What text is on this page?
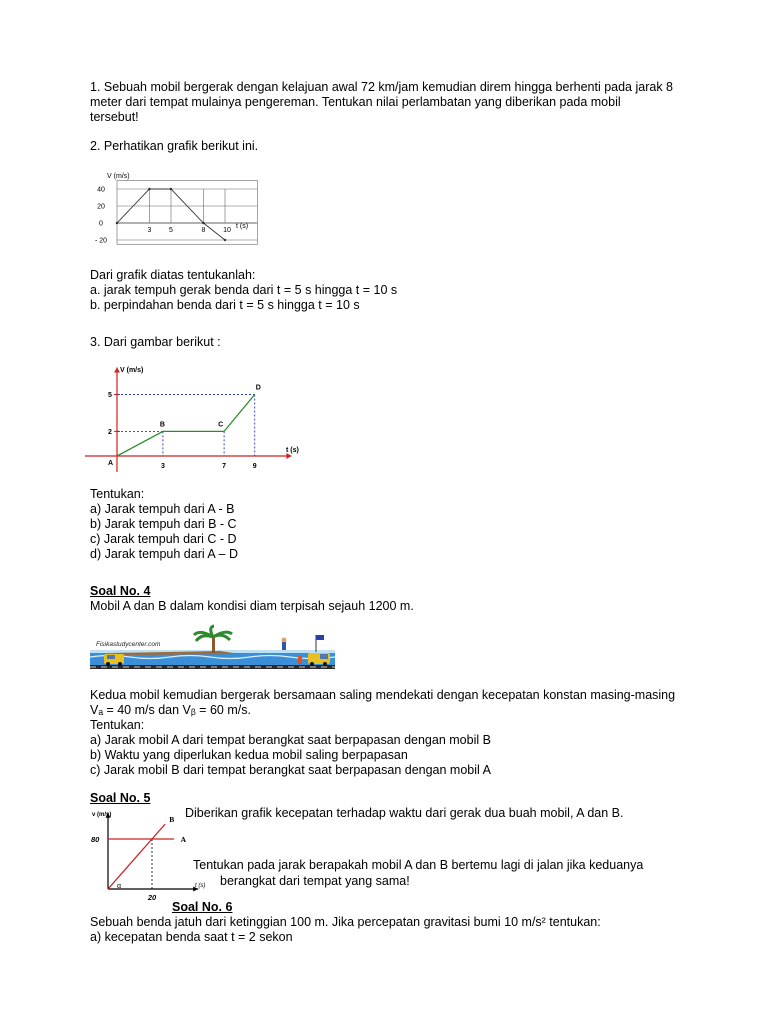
1. Sebuah mobil bergerak dengan kelajuan awal 72 km/jam kemudian direm hingga berhenti pada jarak 8
meter dari tempat mulainya pengereman. Tentukan nilai perlambatan yang diberikan pada mobil
tersebut!
2. Perhatikan grafik berikut ini.
V (m/s)
t (s)
40
20
0
- 20
3	5	8	10
Dari grafik diatas tentukanlah:
a. jarak tempuh gerak benda dari t = 5 s hingga t = 10 s
b. perpindahan benda dari t = 5 s hingga t = 10 s
3. Dari gambar berikut :
A
B	C
D
3	7	9
2
5
V (m/s)
t (s)
Tentukan:
a) Jarak tempuh dari A - B
b) Jarak tempuh dari B - C
c) Jarak tempuh dari C - D
d) Jarak tempuh dari A – D
Soal No. 4
Mobil A dan B dalam kondisi diam terpisah sejauh 1200 m.
Fisikastudycenter.com
Kedua mobil kemudian bergerak bersamaan saling mendekati dengan kecepatan konstan masing-masing
Vₐ = 40 m/s dan Vᵦ = 60 m/s.
Tentukan:
a) Jarak mobil A dari tempat berangkat saat berpapasan dengan mobil B
b) Waktu yang diperlukan kedua mobil saling berpapasan
c) Jarak mobil B dari tempat berangkat saat berpapasan dengan mobil A
Soal No. 5
A
B
80
20
v (m/s)
t (s)
α
Diberikan grafik kecepatan terhadap waktu dari gerak dua buah mobil, A dan B.
Tentukan pada jarak berapakah mobil A dan B bertemu lagi di jalan jika keduanya
berangkat dari tempat yang sama!
Soal No. 6
Sebuah benda jatuh dari ketinggian 100 m. Jika percepatan gravitasi bumi 10 m/s² tentukan:
a) kecepatan benda saat t = 2 sekon
